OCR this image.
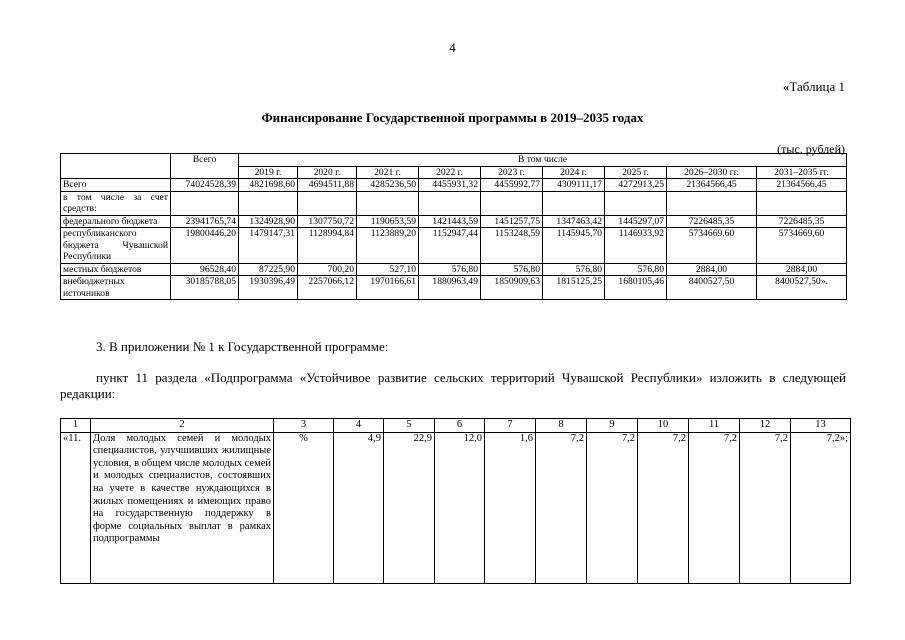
4
«Таблица 1
Финансирование Государственной программы в 2019–2035 годах
(тыс. рублей)
	Всего	В том числе								
		2019 г.	2020 г.	2021 г.	2022 г.	2023 г.	2024 г.	2025 г.	2026–2030 гг.	2031–2035 гг.
Всего	74024528,39	4821698,60	4694511,88	4285236,50	4455931,32	4455992,77	4309111,17	4272913,25	21364566,45	21364566,45
в том числе за счет средств:										
федерального бюджета	23941765,74	1324928,90	1307750,72	1190653,59	1421443,59	1451257,75	1347463,42	1445297,07	7226485,35	7226485,35
республиканского бюджета Чувашской Республики	19800446,20	1479147,31	1128994,84	1123889,20	1152947,44	1153248,59	1145945,70	1146933,92	5734669,60	5734669,60
местных бюджетов	96528,40	87225,90	700,20	527,10	576,80	576,80	576,80	576,80	2884,00	2884,00
внебюджетных источников	30185788,05	1930396,49	2257066,12	1970166,61	1880963,49	1850909,63	1815125,25	1680105,46	8400527,50	8400527,50».
3. В приложении № 1 к Государственной программе:
пункт 11 раздела «Подпрограмма «Устойчивое развитие сельских территорий Чувашской Республики» изложить в следующей редакции:
1	2	3	4	5	6	7	8	9	10	11	12	13
«11.	Доля молодых семей и молодых специалистов, улучшивших жилищные условия, в общем числе молодых семей и молодых специалистов, состоявших на учете в качестве нуждающихся в жилых помещениях и имеющих право на государственную поддержку в форме социальных выплат в рамках подпрограммы	%	4,9	22,9	12,0	1,6	7,2	7,2	7,2	7,2	7,2	7,2»;
